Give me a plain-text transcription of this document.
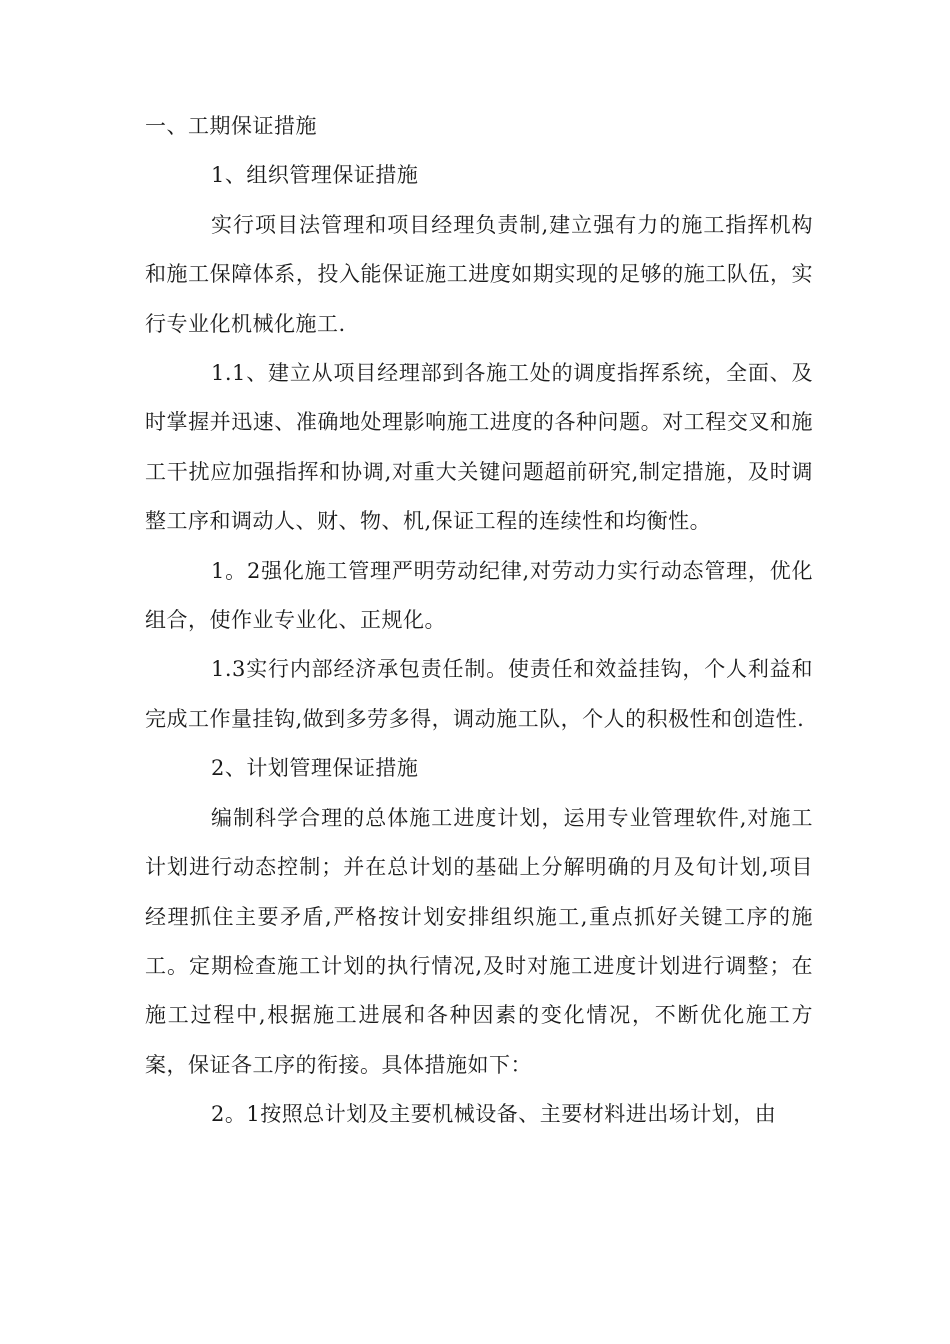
一、工期保证措施

1、组织管理保证措施

实行项目法管理和项目经理负责制,建立强有力的施工指挥机构和施工保障体系，投入能保证施工进度如期实现的足够的施工队伍，实行专业化机械化施工.

1.1、建立从项目经理部到各施工处的调度指挥系统，全面、及时掌握并迅速、准确地处理影响施工进度的各种问题。对工程交叉和施工干扰应加强指挥和协调,对重大关键问题超前研究,制定措施，及时调整工序和调动人、财、物、机,保证工程的连续性和均衡性。

1。2强化施工管理严明劳动纪律,对劳动力实行动态管理，优化组合，使作业专业化、正规化。

1.3实行内部经济承包责任制。使责任和效益挂钩，个人利益和完成工作量挂钩,做到多劳多得，调动施工队，个人的积极性和创造性.

2、计划管理保证措施

编制科学合理的总体施工进度计划，运用专业管理软件,对施工计划进行动态控制；并在总计划的基础上分解明确的月及旬计划,项目经理抓住主要矛盾,严格按计划安排组织施工,重点抓好关键工序的施工。定期检查施工计划的执行情况,及时对施工进度计划进行调整；在施工过程中,根据施工进展和各种因素的变化情况，不断优化施工方案，保证各工序的衔接。具体措施如下：

2。1按照总计划及主要机械设备、主要材料进出场计划，由
